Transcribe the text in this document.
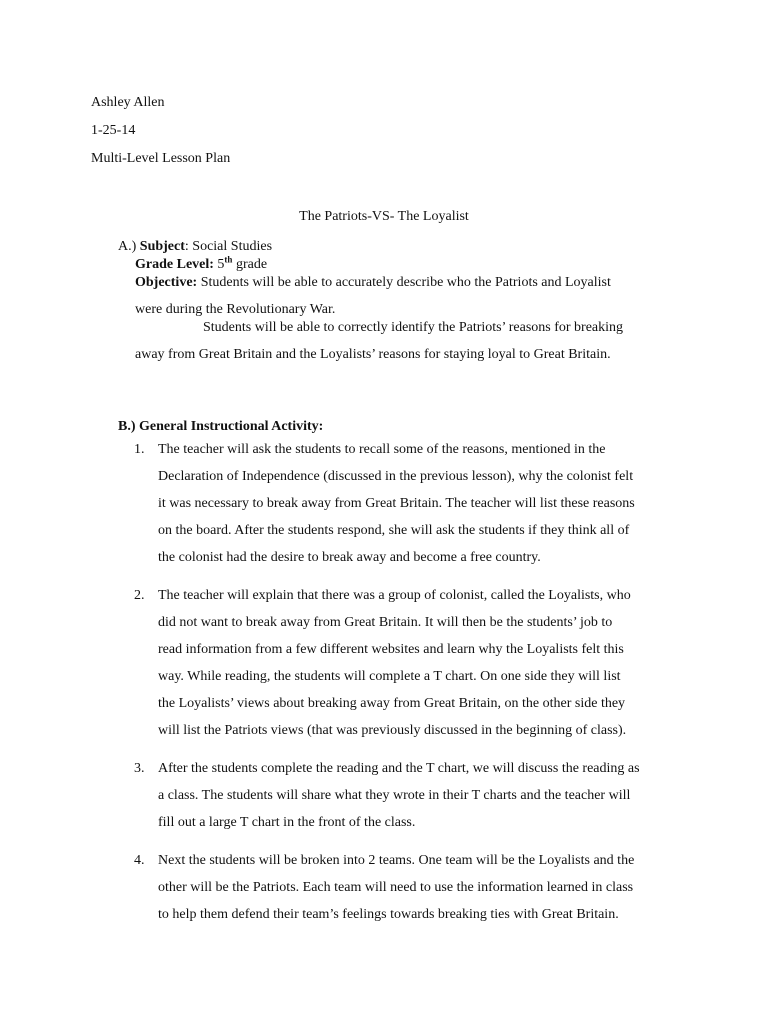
Ashley Allen
1-25-14
Multi-Level Lesson Plan
The Patriots-VS- The Loyalist
A.) Subject: Social Studies
Grade Level: 5th grade
Objective: Students will be able to accurately describe who the Patriots and Loyalist
were during the Revolutionary War.
Students will be able to correctly identify the Patriots’ reasons for breaking
away from Great Britain and the Loyalists’ reasons for staying loyal to Great Britain.
B.) General Instructional Activity:
1. The teacher will ask the students to recall some of the reasons, mentioned in the
Declaration of Independence (discussed in the previous lesson), why the colonist felt
it was necessary to break away from Great Britain. The teacher will list these reasons
on the board. After the students respond, she will ask the students if they think all of
the colonist had the desire to break away and become a free country.
2. The teacher will explain that there was a group of colonist, called the Loyalists, who
did not want to break away from Great Britain. It will then be the students’ job to
read information from a few different websites and learn why the Loyalists felt this
way. While reading, the students will complete a T chart. On one side they will list
the Loyalists’ views about breaking away from Great Britain, on the other side they
will list the Patriots views (that was previously discussed in the beginning of class).
3. After the students complete the reading and the T chart, we will discuss the reading as
a class. The students will share what they wrote in their T charts and the teacher will
fill out a large T chart in the front of the class.
4. Next the students will be broken into 2 teams. One team will be the Loyalists and the
other will be the Patriots. Each team will need to use the information learned in class
to help them defend their team’s feelings towards breaking ties with Great Britain.
